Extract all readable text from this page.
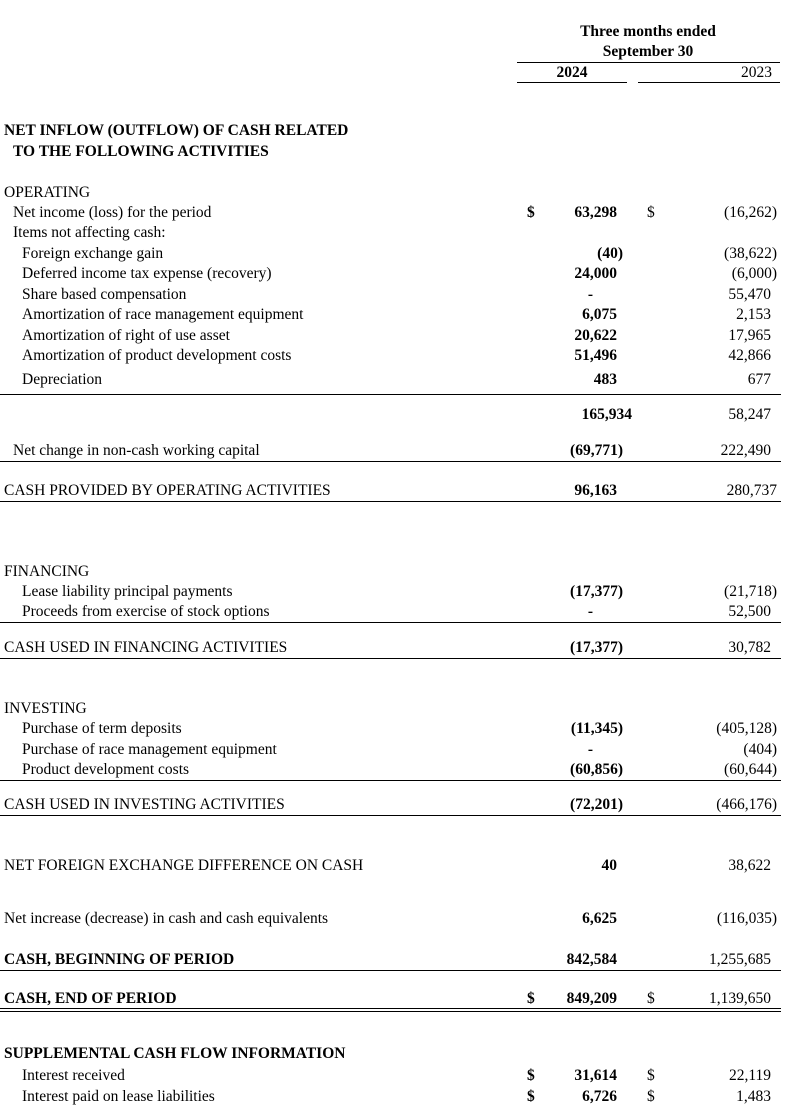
Three months ended
September 30
2024	2023
NET INFLOW (OUTFLOW) OF CASH RELATED
TO THE FOLLOWING ACTIVITIES
OPERATING
Net income (loss) for the period	$	63,298 $	(16,262)
Items not affecting cash:
Foreign exchange gain	(40)	(38,622)
Deferred income tax expense (recovery)	24,000	(6,000)
Share based compensation	-	55,470
Amortization of race management equipment	6,075	2,153
Amortization of right of use asset	20,622	17,965
Amortization of product development costs	51,496	42,866
Depreciation	483	677
165,934	58,247
Net change in non-cash working capital	(69,771)	222,490
CASH PROVIDED BY OPERATING ACTIVITIES	96,163	280,737
FINANCING
Lease liability principal payments	(17,377)	(21,718)
Proceeds from exercise of stock options	-	52,500
CASH USED IN FINANCING ACTIVITIES	(17,377)	30,782
INVESTING
Purchase of term deposits	(11,345)	(405,128)
Purchase of race management equipment	-	(404)
Product development costs	(60,856)	(60,644)
CASH USED IN INVESTING ACTIVITIES	(72,201)	(466,176)
NET FOREIGN EXCHANGE DIFFERENCE ON CASH	40	38,622
Net increase (decrease) in cash and cash equivalents	6,625	(116,035)
CASH, BEGINNING OF PERIOD	842,584	1,255,685
CASH, END OF PERIOD	$ 849,209 $	1,139,650
SUPPLEMENTAL CASH FLOW INFORMATION
Interest received	$	31,614 $	22,119
Interest paid on lease liabilities	$	6,726 $	1,483
